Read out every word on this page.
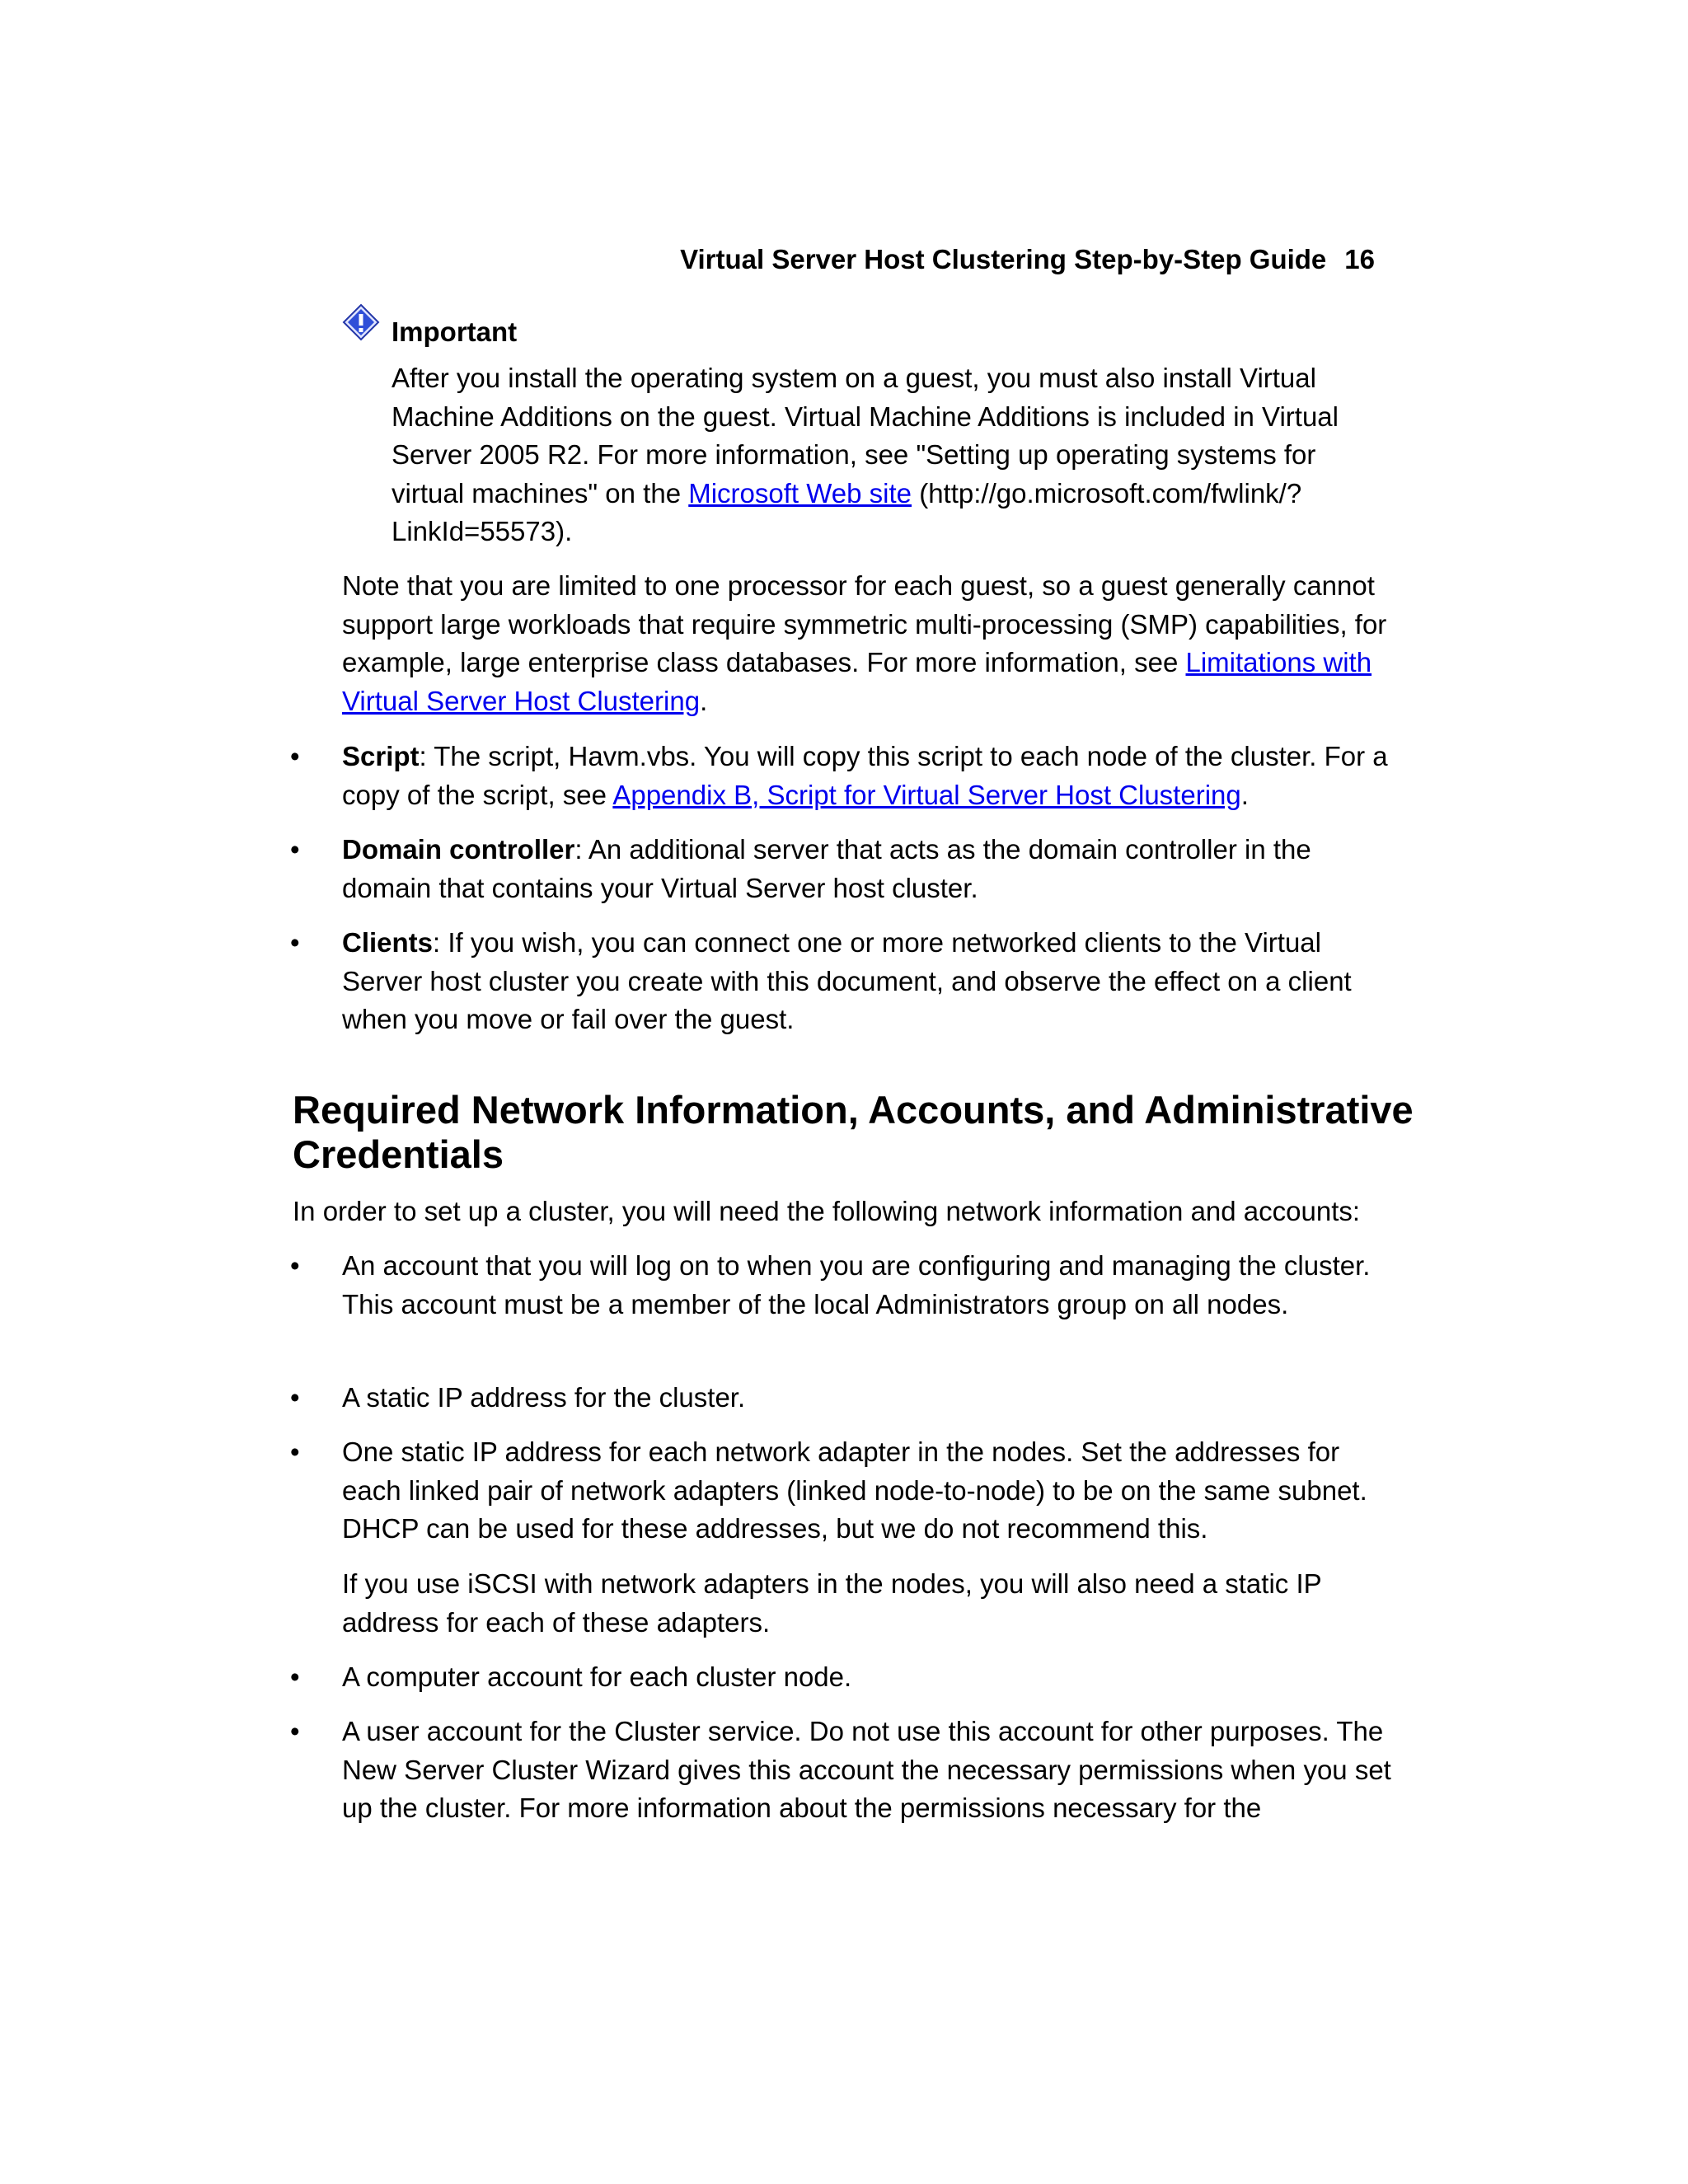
Virtual Server Host Clustering Step-by-Step Guide 16
Important

After you install the operating system on a guest, you must also install Virtual Machine Additions on the guest. Virtual Machine Additions is included in Virtual Server 2005 R2. For more information, see "Setting up operating systems for virtual machines" on the Microsoft Web site (http://go.microsoft.com/fwlink/?LinkId=55573).

Note that you are limited to one processor for each guest, so a guest generally cannot support large workloads that require symmetric multi-processing (SMP) capabilities, for example, large enterprise class databases. For more information, see Limitations with Virtual Server Host Clustering.

• Script: The script, Havm.vbs. You will copy this script to each node of the cluster. For a copy of the script, see Appendix B, Script for Virtual Server Host Clustering.

• Domain controller: An additional server that acts as the domain controller in the domain that contains your Virtual Server host cluster.

• Clients: If you wish, you can connect one or more networked clients to the Virtual Server host cluster you create with this document, and observe the effect on a client when you move or fail over the guest.

Required Network Information, Accounts, and Administrative Credentials

In order to set up a cluster, you will need the following network information and accounts:

• An account that you will log on to when you are configuring and managing the cluster. This account must be a member of the local Administrators group on all nodes.

• A static IP address for the cluster.

• One static IP address for each network adapter in the nodes. Set the addresses for each linked pair of network adapters (linked node-to-node) to be on the same subnet. DHCP can be used for these addresses, but we do not recommend this.

If you use iSCSI with network adapters in the nodes, you will also need a static IP address for each of these adapters.

• A computer account for each cluster node.

• A user account for the Cluster service. Do not use this account for other purposes. The New Server Cluster Wizard gives this account the necessary permissions when you set up the cluster. For more information about the permissions necessary for the
